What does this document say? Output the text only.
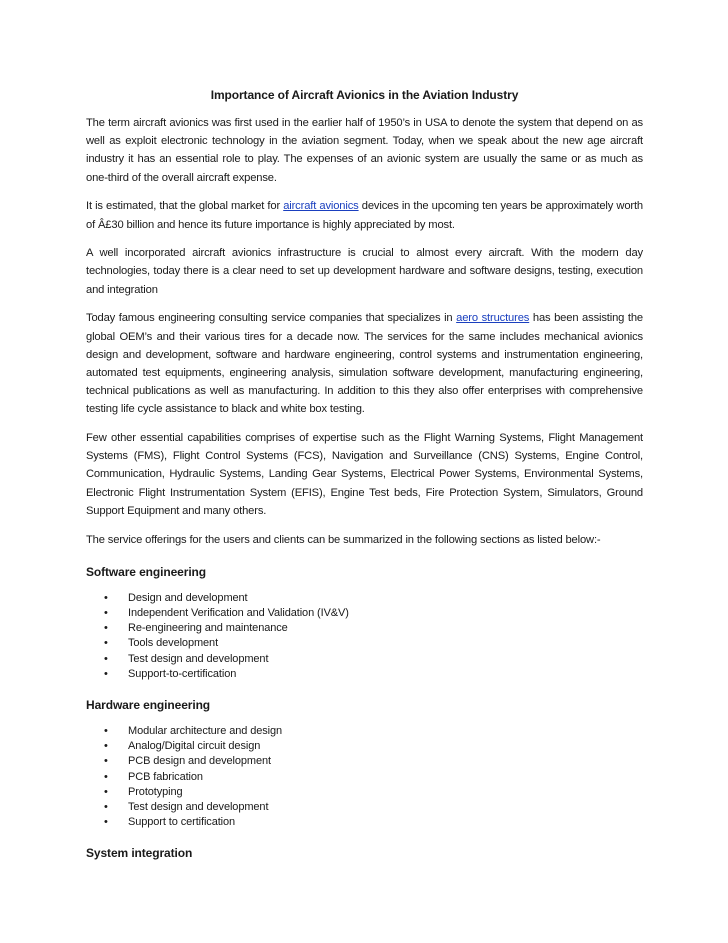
Importance of Aircraft Avionics in the Aviation Industry

The term aircraft avionics was first used in the earlier half of 1950’s in USA to denote the system that depend on as well as exploit electronic technology in the aviation segment. Today, when we speak about the new age aircraft industry it has an essential role to play. The expenses of an avionic system are usually the same or as much as one-third of the overall aircraft expense.

It is estimated, that the global market for aircraft avionics devices in the upcoming ten years be approximately worth of Â£30 billion and hence its future importance is highly appreciated by most.

A well incorporated aircraft avionics infrastructure is crucial to almost every aircraft. With the modern day technologies, today there is a clear need to set up development hardware and software designs, testing, execution and integration

Today famous engineering consulting service companies that specializes in aero structures has been assisting the global OEM’s and their various tires for a decade now. The services for the same includes mechanical avionics design and development, software and hardware engineering, control systems and instrumentation engineering, automated test equipments, engineering analysis, simulation software development, manufacturing engineering, technical publications as well as manufacturing. In addition to this they also offer enterprises with comprehensive testing life cycle assistance to black and white box testing.

Few other essential capabilities comprises of expertise such as the Flight Warning Systems, Flight Management Systems (FMS), Flight Control Systems (FCS), Navigation and Surveillance (CNS) Systems, Engine Control, Communication, Hydraulic Systems, Landing Gear Systems, Electrical Power Systems, Environmental Systems, Electronic Flight Instrumentation System (EFIS), Engine Test beds, Fire Protection System, Simulators, Ground Support Equipment and many others.

The service offerings for the users and clients can be summarized in the following sections as listed below:-

Software engineering
• Design and development
• Independent Verification and Validation (IV&V)
• Re-engineering and maintenance
• Tools development
• Test design and development
• Support-to-certification
Hardware engineering
• Modular architecture and design
• Analog/Digital circuit design
• PCB design and development
• PCB fabrication
• Prototyping
• Test design and development
• Support to certification
System integration
